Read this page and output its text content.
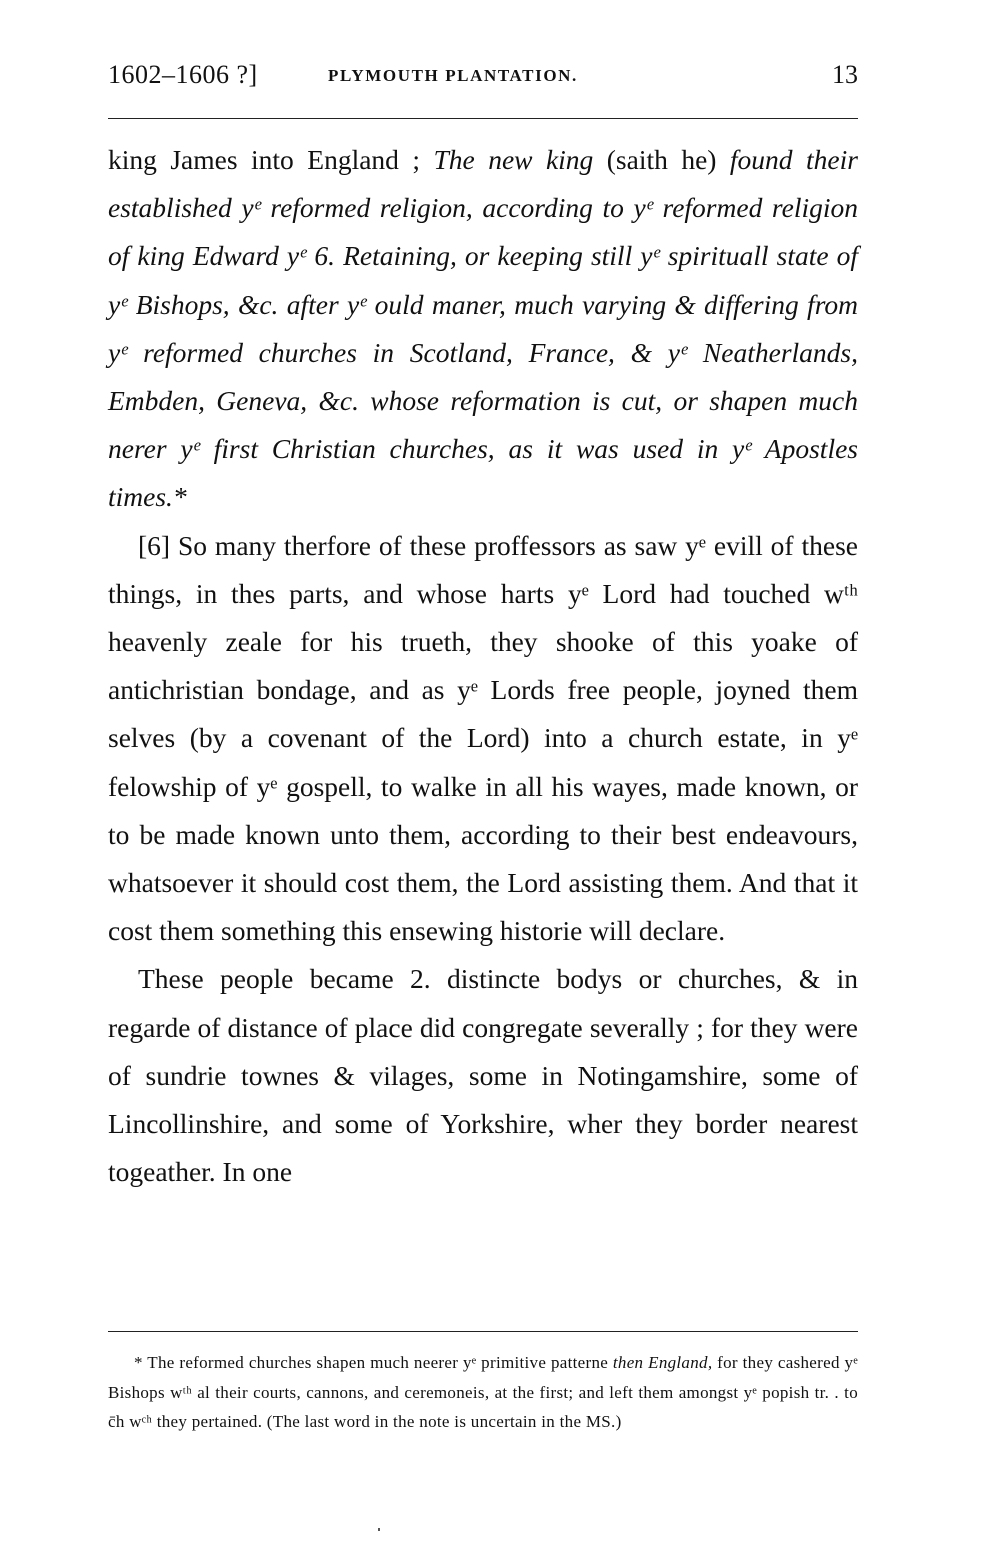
1602–1606 ?]	PLYMOUTH PLANTATION.	13

king James into England ; The new king (saith he) found their established yᵉ reformed religion, according to yᵉ reformed religion of king Edward yᵉ 6. Retaining, or keeping still yᵉ spirituall state of yᵉ Bishops, &c. after yᵉ ould maner, much varying & differing from yᵉ reformed churches in Scotland, France, & yᵉ Neatherlands, Embden, Geneva, &c. whose reformation is cut, or shapen much nerer yᵉ first Christian churches, as it was used in yᵉ Apostles times.*

[6] So many therfore of these proffessors as saw yᵉ evill of these things, in thes parts, and whose harts yᵉ Lord had touched wᵗʰ heavenly zeale for his trueth, they shooke of this yoake of antichristian bondage, and as yᵉ Lords free people, joyned them selves (by a covenant of the Lord) into a church estate, in yᵉ felowship of yᵉ gospell, to walke in all his wayes, made known, or to be made known unto them, according to their best endeavours, whatsoever it should cost them, the Lord assisting them. And that it cost them something this ensewing historie will declare.

These people became 2. distincte bodys or churches, & in regarde of distance of place did congregate severally ; for they were of sundrie townes & vilages, some in Notingamshire, some of Lincollinshire, and some of Yorkshire, wher they border nearest togeather. In one

* The reformed churches shapen much neerer yᵉ primitive patterne then England, for they cashered yᵉ Bishops wᵗʰ al their courts, cannons, and ceremoneis, at the first; and left them amongst yᵉ popish tr. . to c̄h wᶜʰ they pertained. (The last word in the note is uncertain in the MS.)
